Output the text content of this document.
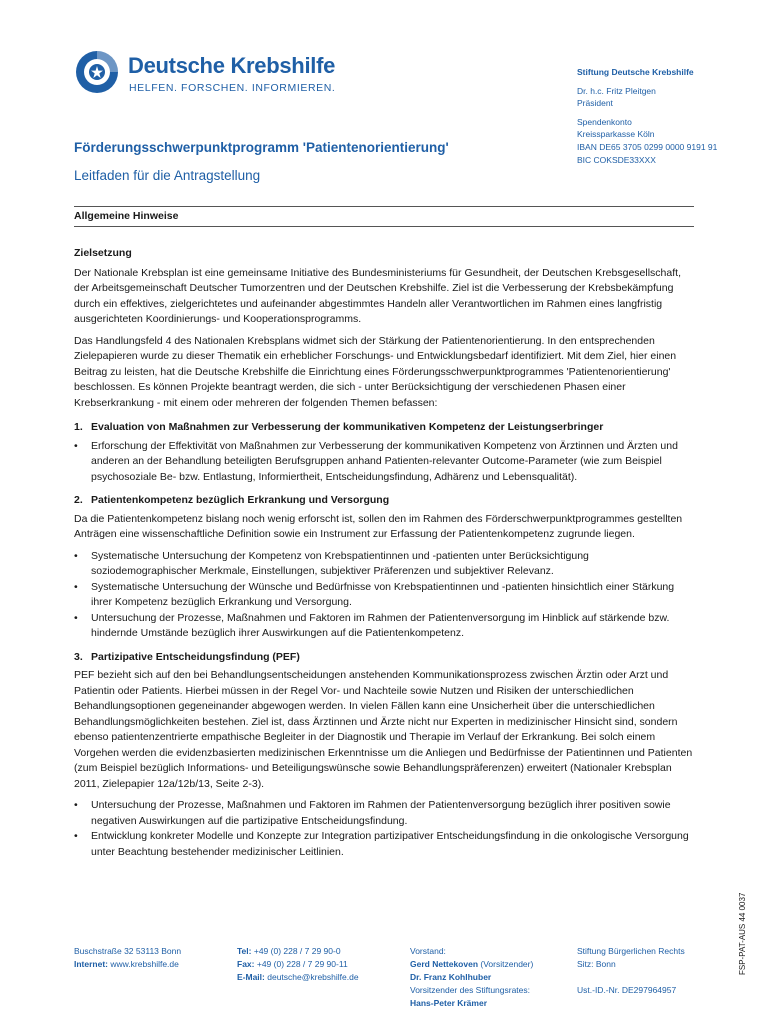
Deutsche Krebshilfe
HELFEN. FORSCHEN. INFORMIEREN.
Stiftung Deutsche Krebshilfe
Dr. h.c. Fritz Pleitgen
Präsident
Spendenkonto
Kreissparkasse Köln
IBAN DE65 3705 0299 0000 9191 91
BIC COKSDE33XXX
Förderungsschwerpunktprogramm 'Patientenorientierung'
Leitfaden für die Antragstellung
Allgemeine Hinweise
Zielsetzung

Der Nationale Krebsplan ist eine gemeinsame Initiative des Bundesministeriums für Gesundheit, der Deutschen Krebsgesellschaft, der Arbeitsgemeinschaft Deutscher Tumorzentren und der Deutschen Krebshilfe. Ziel ist die Verbesserung der Krebsbekämpfung durch ein effektives, zielgerichtetes und aufeinander abgestimmtes Handeln aller Verantwortlichen im Rahmen eines langfristig ausgerichteten Koordinierungs- und Kooperationsprogramms.

Das Handlungsfeld 4 des Nationalen Krebsplans widmet sich der Stärkung der Patientenorientierung. In den entsprechenden Zielepapieren wurde zu dieser Thematik ein erheblicher Forschungs- und Entwicklungsbedarf identifiziert. Mit dem Ziel, hier einen Beitrag zu leisten, hat die Deutsche Krebshilfe die Einrichtung eines Förderungsschwerpunktprogrammes 'Patientenorientierung' beschlossen. Es können Projekte beantragt werden, die sich - unter Berücksichtigung der verschiedenen Phasen einer Krebserkrankung - mit einem oder mehreren der folgenden Themen befassen:

1. Evaluation von Maßnahmen zur Verbesserung der kommunikativen Kompetenz der Leistungserbringer
• Erforschung der Effektivität von Maßnahmen zur Verbesserung der kommunikativen Kompetenz von Ärztinnen und Ärzten und anderen an der Behandlung beteiligten Berufsgruppen anhand Patienten-relevanter Outcome-Parameter (wie zum Beispiel psychosoziale Be- bzw. Entlastung, Informiertheit, Entscheidungsfindung, Adhärenz und Lebensqualität).
2. Patientenkompetenz bezüglich Erkrankung und Versorgung

Da die Patientenkompetenz bislang noch wenig erforscht ist, sollen den im Rahmen des Förderschwerpunktprogrammes gestellten Anträgen eine wissenschaftliche Definition sowie ein Instrument zur Erfassung der Patientenkompetenz zugrunde liegen.

• Systematische Untersuchung der Kompetenz von Krebspatientinnen und -patienten unter Berücksichtigung soziodemographischer Merkmale, Einstellungen, subjektiver Präferenzen und subjektiver Relevanz.
• Systematische Untersuchung der Wünsche und Bedürfnisse von Krebspatientinnen und -patienten hinsichtlich einer Stärkung ihrer Kompetenz bezüglich Erkrankung und Versorgung.
• Untersuchung der Prozesse, Maßnahmen und Faktoren im Rahmen der Patientenversorgung im Hinblick auf stärkende bzw. hindernde Umstände bezüglich ihrer Auswirkungen auf die Patientenkompetenz.
3. Partizipative Entscheidungsfindung (PEF)

PEF bezieht sich auf den bei Behandlungsentscheidungen anstehenden Kommunikationsprozess zwischen Ärztin oder Arzt und Patientin oder Patients. Hierbei müssen in der Regel Vor- und Nachteile sowie Nutzen und Risiken der unterschiedlichen Behandlungsoptionen gegeneinander abgewogen werden. In vielen Fällen kann eine Unsicherheit über die unterschiedlichen Behandlungsmöglichkeiten bestehen. Ziel ist, dass Ärztinnen und Ärzte nicht nur Experten in medizinischer Hinsicht sind, sondern ebenso patientenzentrierte empathische Begleiter in der Diagnostik und Therapie im Verlauf der Erkrankung. Bei solch einem Vorgehen werden die evidenzbasierten medizinischen Erkenntnisse um die Anliegen und Bedürfnisse der Patientinnen und Patienten (zum Beispiel bezüglich Informations- und Beteiligungswünsche sowie Behandlungspräferenzen) erweitert (Nationaler Krebsplan 2011, Zielepapier 12a/12b/13, Seite 2-3).

• Untersuchung der Prozesse, Maßnahmen und Faktoren im Rahmen der Patientenversorgung bezüglich ihrer positiven sowie negativen Auswirkungen auf die partizipative Entscheidungsfindung.
• Entwicklung konkreter Modelle und Konzepte zur Integration partizipativer Entscheidungsfindung in die onkologische Versorgung unter Beachtung bestehender medizinischer Leitlinien.
FSP-PAT-AUS 44 0037
Buschstraße 32 53113 Bonn
Internet: www.krebshilfe.de
Tel: +49 (0) 228 / 7 29 90-0
Fax: +49 (0) 228 / 7 29 90-11
E-Mail: deutsche@krebshilfe.de
Vorstand:
Gerd Nettekoven (Vorsitzender)
Dr. Franz Kohlhuber
Vorsitzender des Stiftungsrates:
Hans-Peter Krämer
Stiftung Bürgerlichen Rechts
Sitz: Bonn
Ust.-ID.-Nr. DE297964957
